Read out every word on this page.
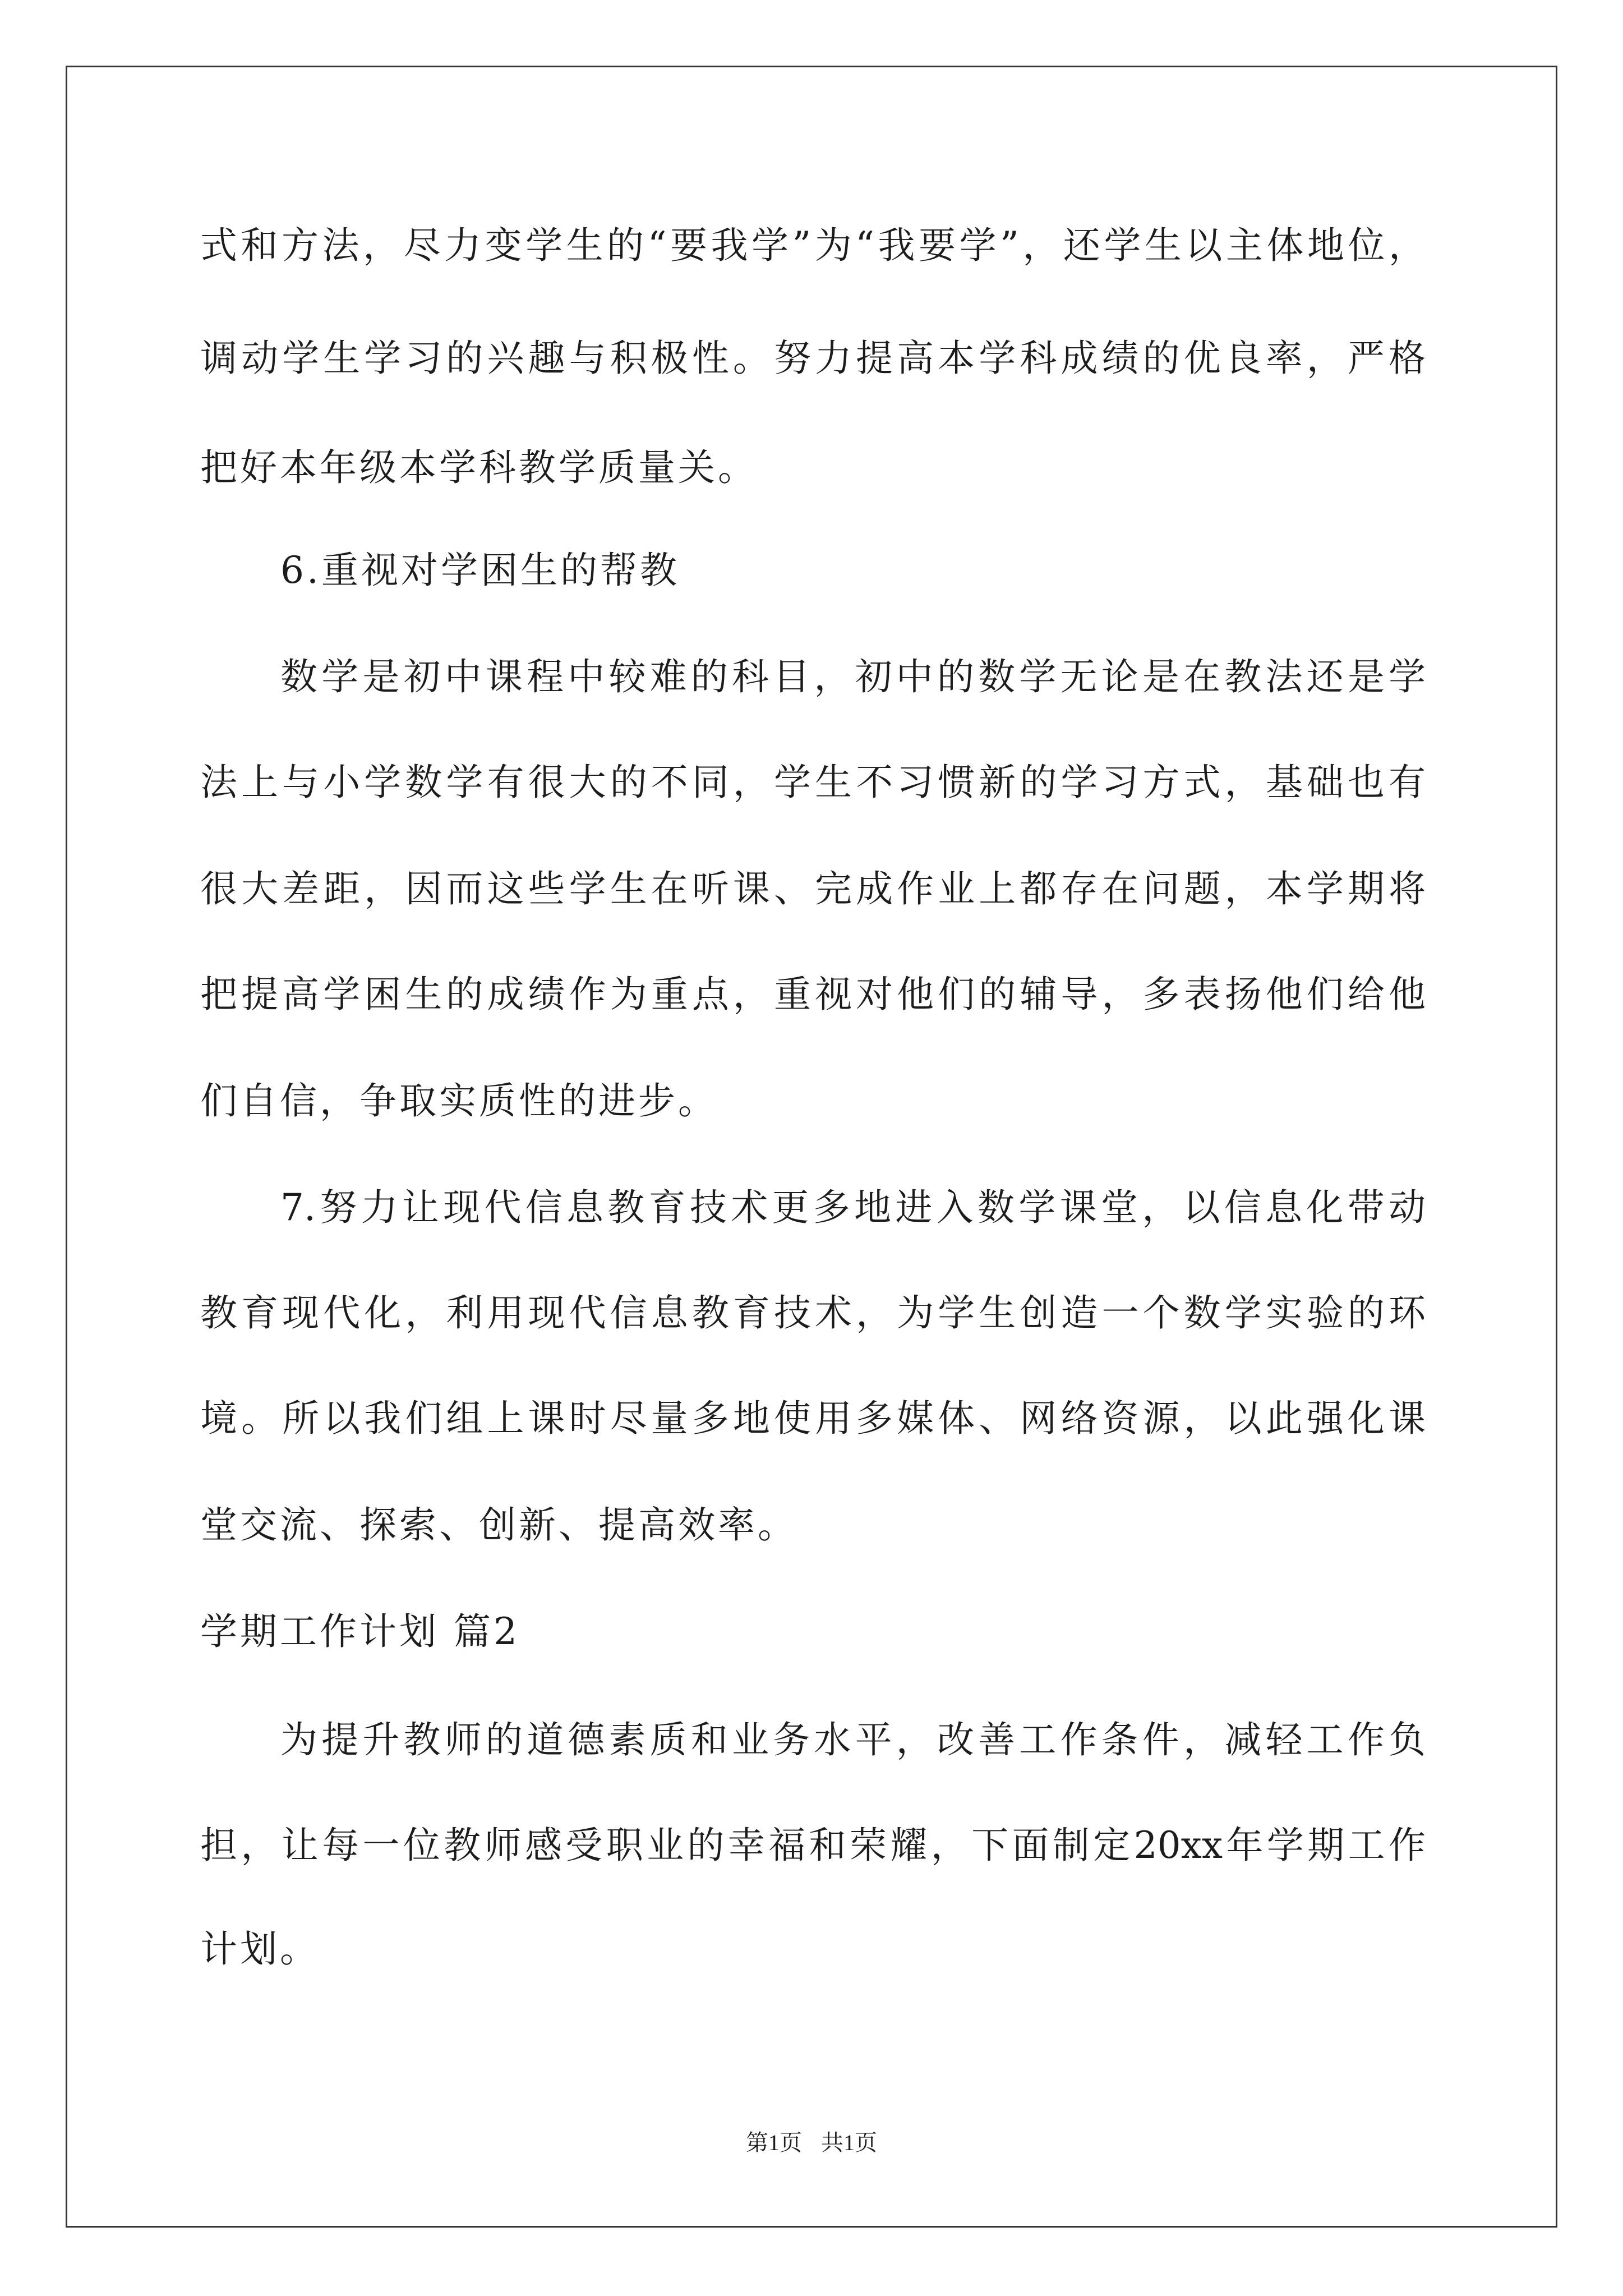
式和方法，尽力变学生的“要我学”为“我要学”，还学生以主体地位，
调动学生学习的兴趣与积极性。努力提高本学科成绩的优良率，严格
把好本年级本学科教学质量关。
6.重视对学困生的帮教
数学是初中课程中较难的科目，初中的数学无论是在教法还是学
法上与小学数学有很大的不同，学生不习惯新的学习方式，基础也有
很大差距，因而这些学生在听课、完成作业上都存在问题，本学期将
把提高学困生的成绩作为重点，重视对他们的辅导，多表扬他们给他
们自信，争取实质性的进步。
7.努力让现代信息教育技术更多地进入数学课堂，以信息化带动
教育现代化，利用现代信息教育技术，为学生创造一个数学实验的环
境。所以我们组上课时尽量多地使用多媒体、网络资源，以此强化课
堂交流、探索、创新、提高效率。
学期工作计划 篇2
为提升教师的道德素质和业务水平，改善工作条件，减轻工作负
担，让每一位教师感受职业的幸福和荣耀，下面制定20xx年学期工作
计划。
第1页 共1页
